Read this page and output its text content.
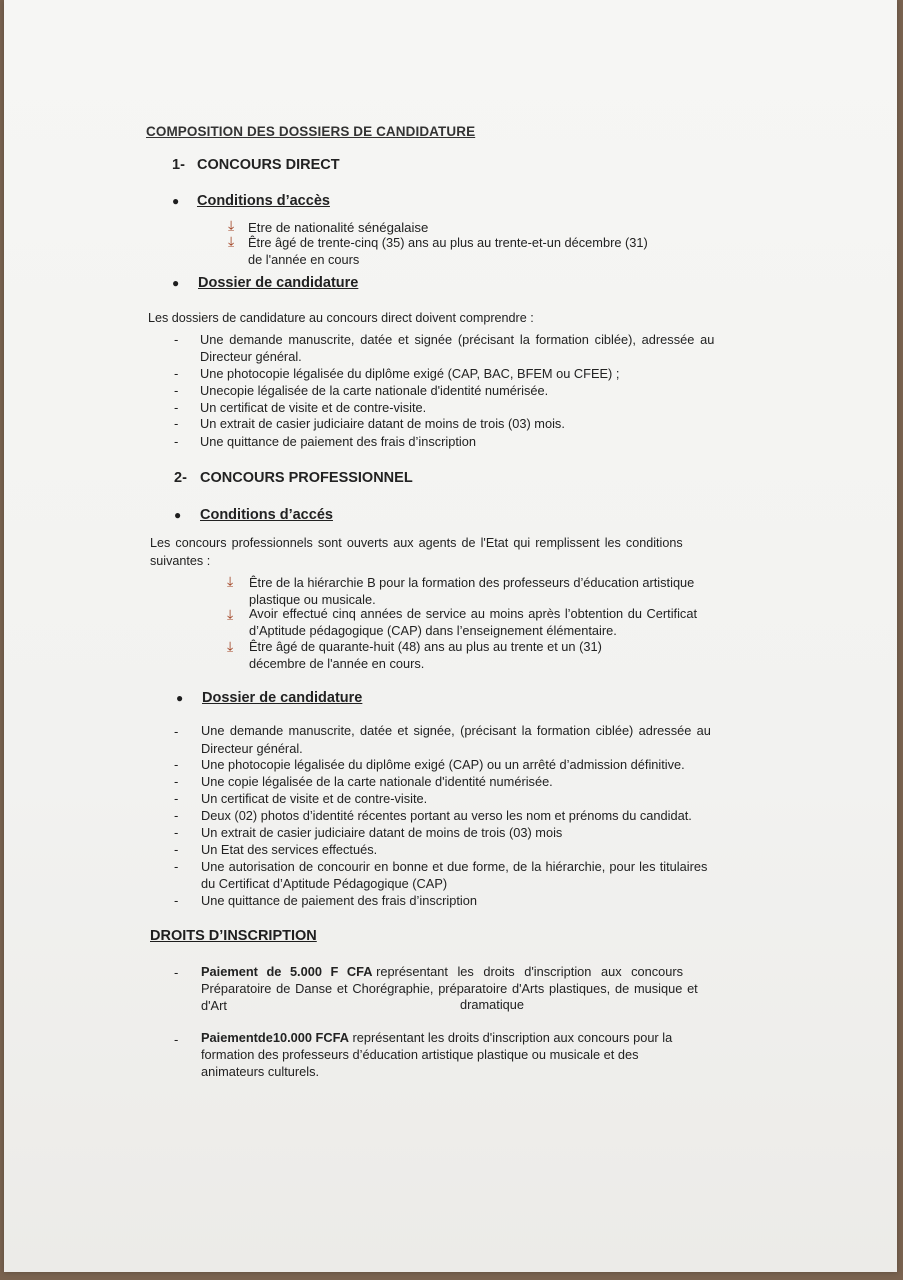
COMPOSITION DES DOSSIERS DE CANDIDATURE
1- CONCOURS DIRECT
● Conditions d’accès
⤓ Etre de nationalité sénégalaise
⤓ Être âgé de trente-cinq (35) ans au plus au trente-et-un décembre (31)
de l'année en cours
● Dossier de candidature
Les dossiers de candidature au concours direct doivent comprendre :
- Une demande manuscrite, datée et signée (précisant la formation ciblée), adressée au
Directeur général.
- Une photocopie légalisée du diplôme exigé (CAP, BAC, BFEM ou CFEE) ;
- Unecopie légalisée de la carte nationale d'identité numérisée.
- Un certificat de visite et de contre-visite.
- Un extrait de casier judiciaire datant de moins de trois (03) mois.
- Une quittance de paiement des frais d’inscription
2- CONCOURS PROFESSIONNEL
● Conditions d’accés
Les concours professionnels sont ouverts aux agents de l'Etat qui remplissent les conditions
suivantes :
⤓ Être de la hiérarchie B pour la formation des professeurs d’éducation artistique
plastique ou musicale.
⤓ Avoir effectué cinq années de service au moins après l’obtention du Certificat
d’Aptitude pédagogique (CAP) dans l’enseignement élémentaire.
⤓ Être âgé de quarante-huit (48) ans au plus au trente et un (31)
décembre de l'année en cours.
● Dossier de candidature
- Une demande manuscrite, datée et signée, (précisant la formation ciblée) adressée au
Directeur général.
- Une photocopie légalisée du diplôme exigé (CAP) ou un arrêté d’admission définitive.
- Une copie légalisée de la carte nationale d'identité numérisée.
- Un certificat de visite et de contre-visite.
- Deux (02) photos d’identité récentes portant au verso les nom et prénoms du candidat.
- Un extrait de casier judiciaire datant de moins de trois (03) mois
- Un Etat des services effectués.
- Une autorisation de concourir en bonne et due forme, de la hiérarchie, pour les titulaires
du Certificat d’Aptitude Pédagogique (CAP)
- Une quittance de paiement des frais d’inscription
DROITS D’INSCRIPTION
- Paiement de 5.000 F CFA représentant les droits d'inscription aux concours
Préparatoire de Danse et Chorégraphie, préparatoire d'Arts plastiques, de musique et
d'Art	dramatique
- Paiementde10.000 FCFA représentant les droits d'inscription aux concours pour la
formation des professeurs d’éducation artistique plastique ou musicale et des
animateurs culturels.
